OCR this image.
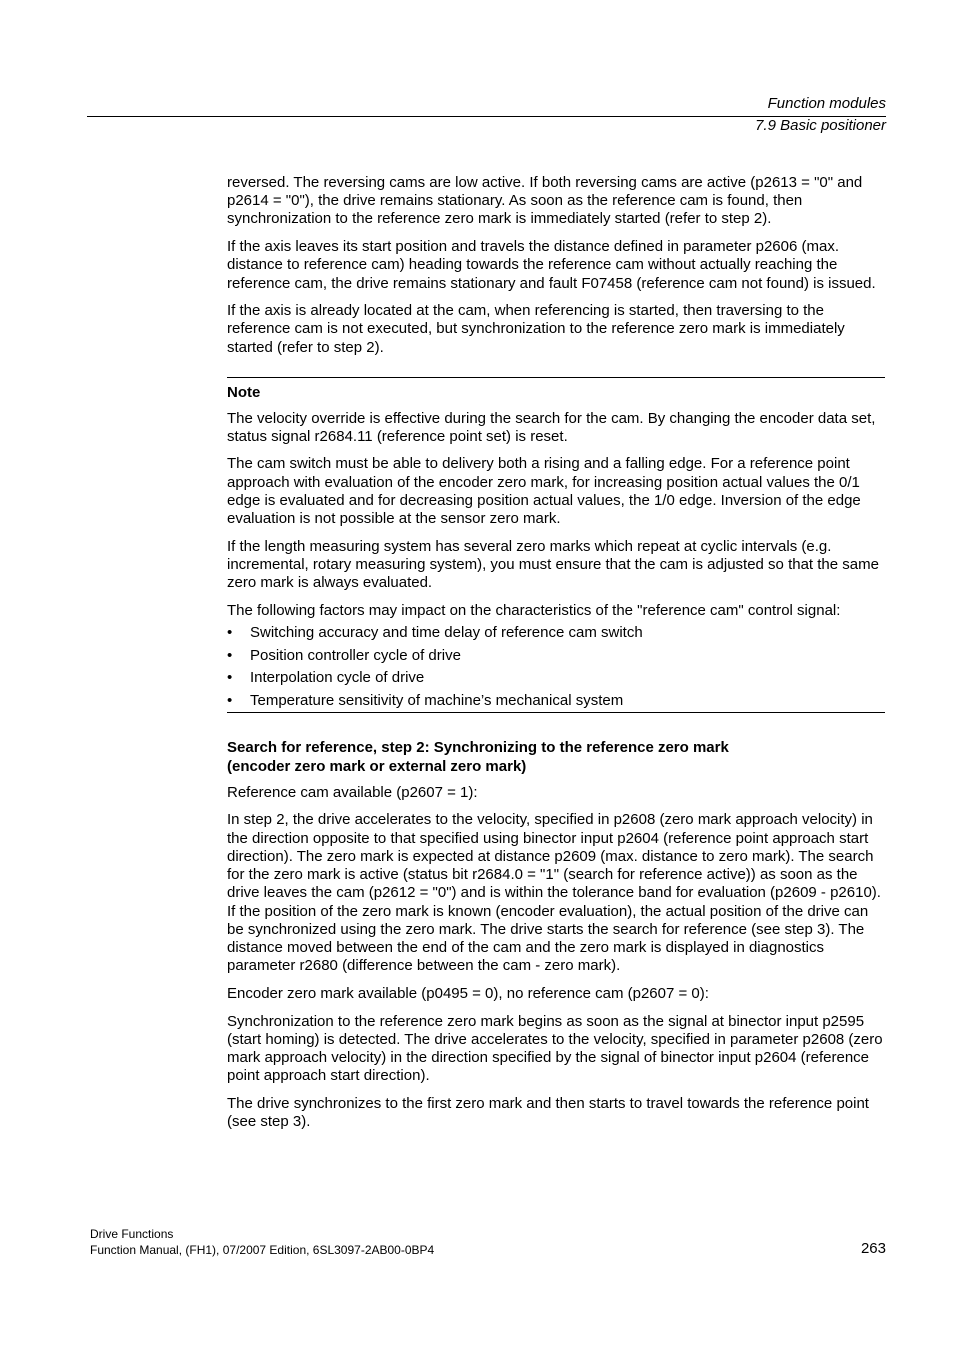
Function modules
7.9 Basic positioner

reversed. The reversing cams are low active. If both reversing cams are active (p2613 = "0" and p2614 = "0"), the drive remains stationary. As soon as the reference cam is found, then synchronization to the reference zero mark is immediately started (refer to step 2).

If the axis leaves its start position and travels the distance defined in parameter p2606 (max. distance to reference cam) heading towards the reference cam without actually reaching the reference cam, the drive remains stationary and fault F07458 (reference cam not found) is issued.

If the axis is already located at the cam, when referencing is started, then traversing to the reference cam is not executed, but synchronization to the reference zero mark is immediately started (refer to step 2).

Note

The velocity override is effective during the search for the cam. By changing the encoder data set, status signal r2684.11 (reference point set) is reset.

The cam switch must be able to delivery both a rising and a falling edge. For a reference point approach with evaluation of the encoder zero mark, for increasing position actual values the 0/1 edge is evaluated and for decreasing position actual values, the 1/0 edge. Inversion of the edge evaluation is not possible at the sensor zero mark.

If the length measuring system has several zero marks which repeat at cyclic intervals (e.g. incremental, rotary measuring system), you must ensure that the cam is adjusted so that the same zero mark is always evaluated.

The following factors may impact on the characteristics of the "reference cam" control signal:

• Switching accuracy and time delay of reference cam switch
• Position controller cycle of drive
• Interpolation cycle of drive
• Temperature sensitivity of machine’s mechanical system
Search for reference, step 2: Synchronizing to the reference zero mark
(encoder zero mark or external zero mark)

Reference cam available (p2607 = 1):

In step 2, the drive accelerates to the velocity, specified in p2608 (zero mark approach velocity) in the direction opposite to that specified using binector input p2604 (reference point approach start direction). The zero mark is expected at distance p2609 (max. distance to zero mark). The search for the zero mark is active (status bit r2684.0 = "1" (search for reference active)) as soon as the drive leaves the cam (p2612 = "0") and is within the tolerance band for evaluation (p2609 - p2610). If the position of the zero mark is known (encoder evaluation), the actual position of the drive can be synchronized using the zero mark. The drive starts the search for reference (see step 3). The distance moved between the end of the cam and the zero mark is displayed in diagnostics parameter r2680 (difference between the cam - zero mark).

Encoder zero mark available (p0495 = 0), no reference cam (p2607 = 0):

Synchronization to the reference zero mark begins as soon as the signal at binector input p2595 (start homing) is detected. The drive accelerates to the velocity, specified in parameter p2608 (zero mark approach velocity) in the direction specified by the signal of binector input p2604 (reference point approach start direction).

The drive synchronizes to the first zero mark and then starts to travel towards the reference point (see step 3).

Drive Functions
Function Manual, (FH1), 07/2007 Edition, 6SL3097-2AB00-0BP4	263
